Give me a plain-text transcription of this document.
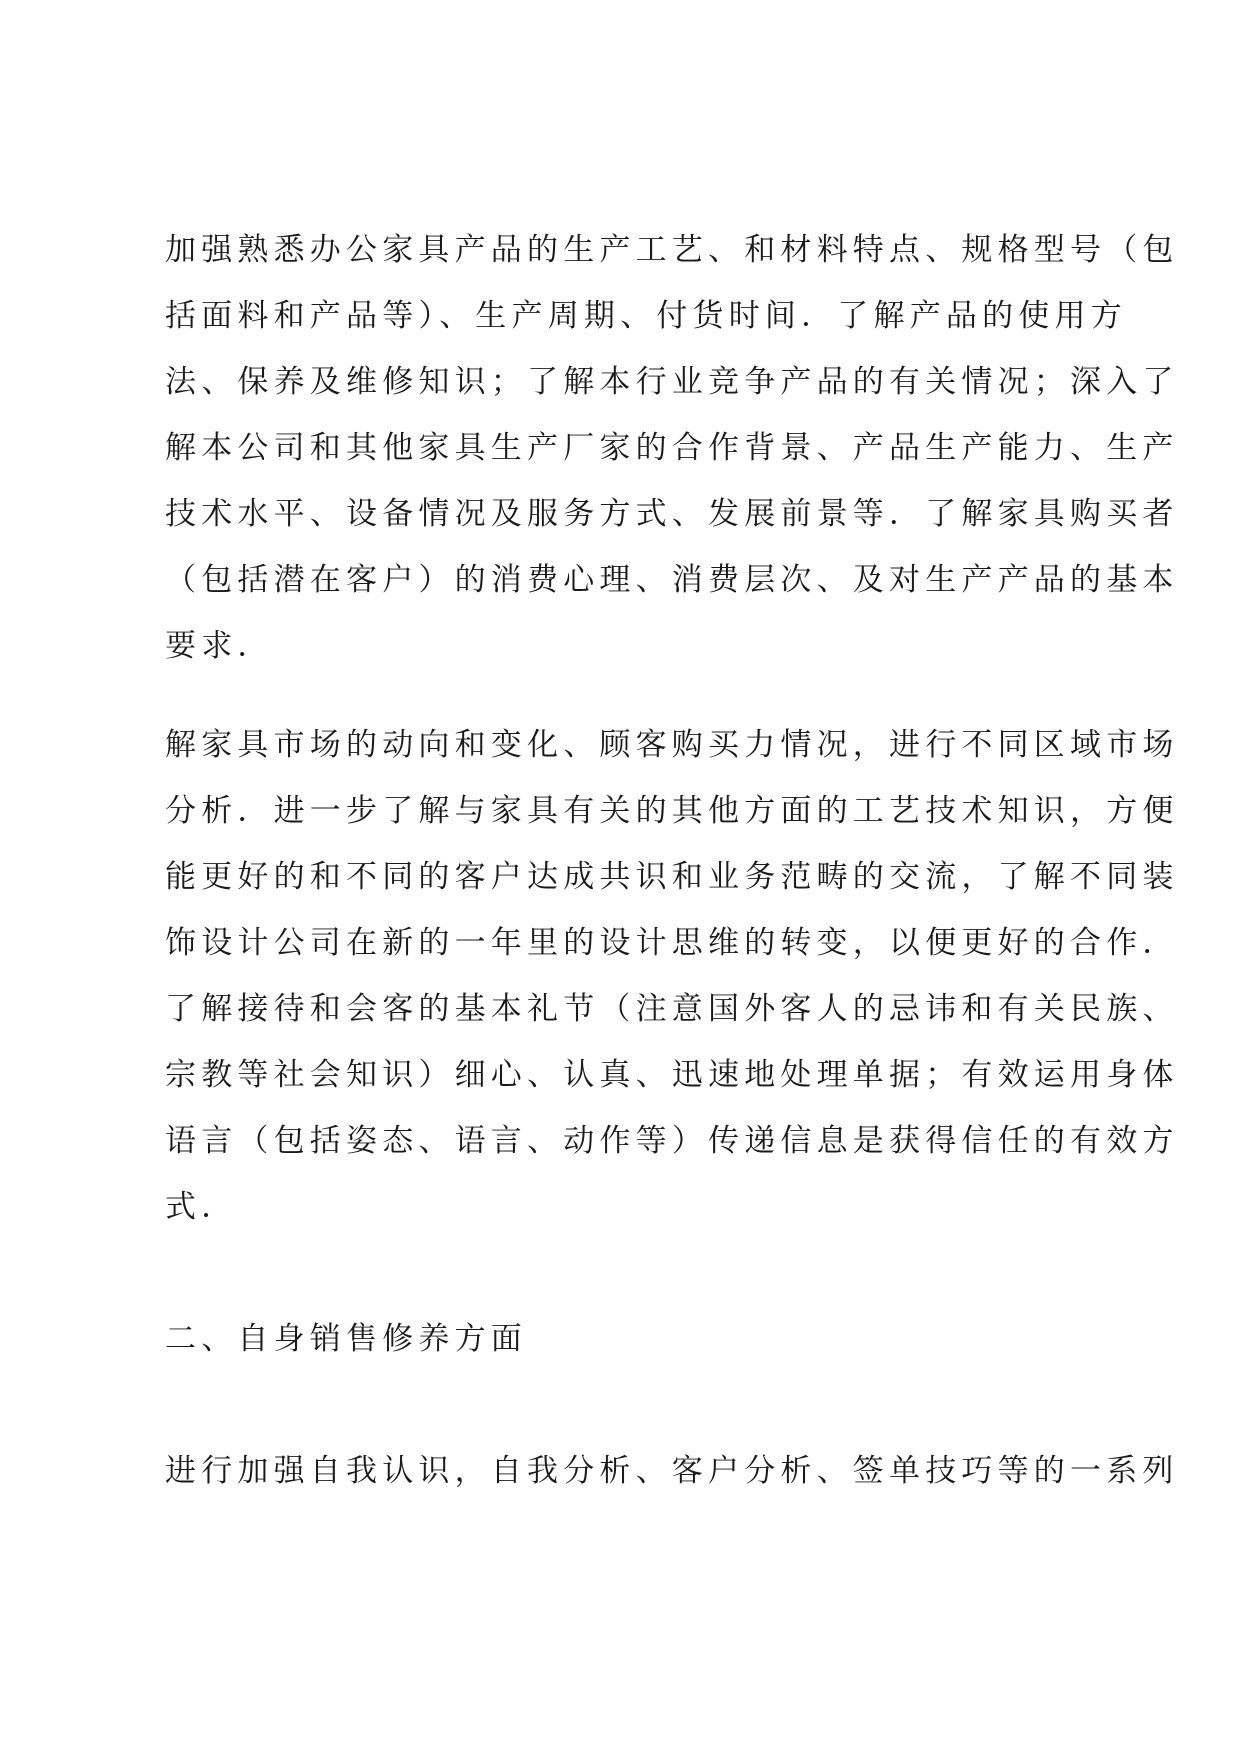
加强熟悉办公家具产品的生产工艺、和材料特点、规格型号（包
括面料和产品等）、生产周期、付货时间．了解产品的使用方
法、保养及维修知识；了解本行业竞争产品的有关情况；深入了
解本公司和其他家具生产厂家的合作背景、产品生产能力、生产
技术水平、设备情况及服务方式、发展前景等．了解家具购买者
（包括潜在客户）的消费心理、消费层次、及对生产产品的基本
要求．
解家具市场的动向和变化、顾客购买力情况，进行不同区域市场
分析．进一步了解与家具有关的其他方面的工艺技术知识，方便
能更好的和不同的客户达成共识和业务范畴的交流，了解不同装
饰设计公司在新的一年里的设计思维的转变，以便更好的合作．
了解接待和会客的基本礼节（注意国外客人的忌讳和有关民族、
宗教等社会知识）细心、认真、迅速地处理单据；有效运用身体
语言（包括姿态、语言、动作等）传递信息是获得信任的有效方
式．
二、自身销售修养方面
进行加强自我认识，自我分析、客户分析、签单技巧等的一系列
